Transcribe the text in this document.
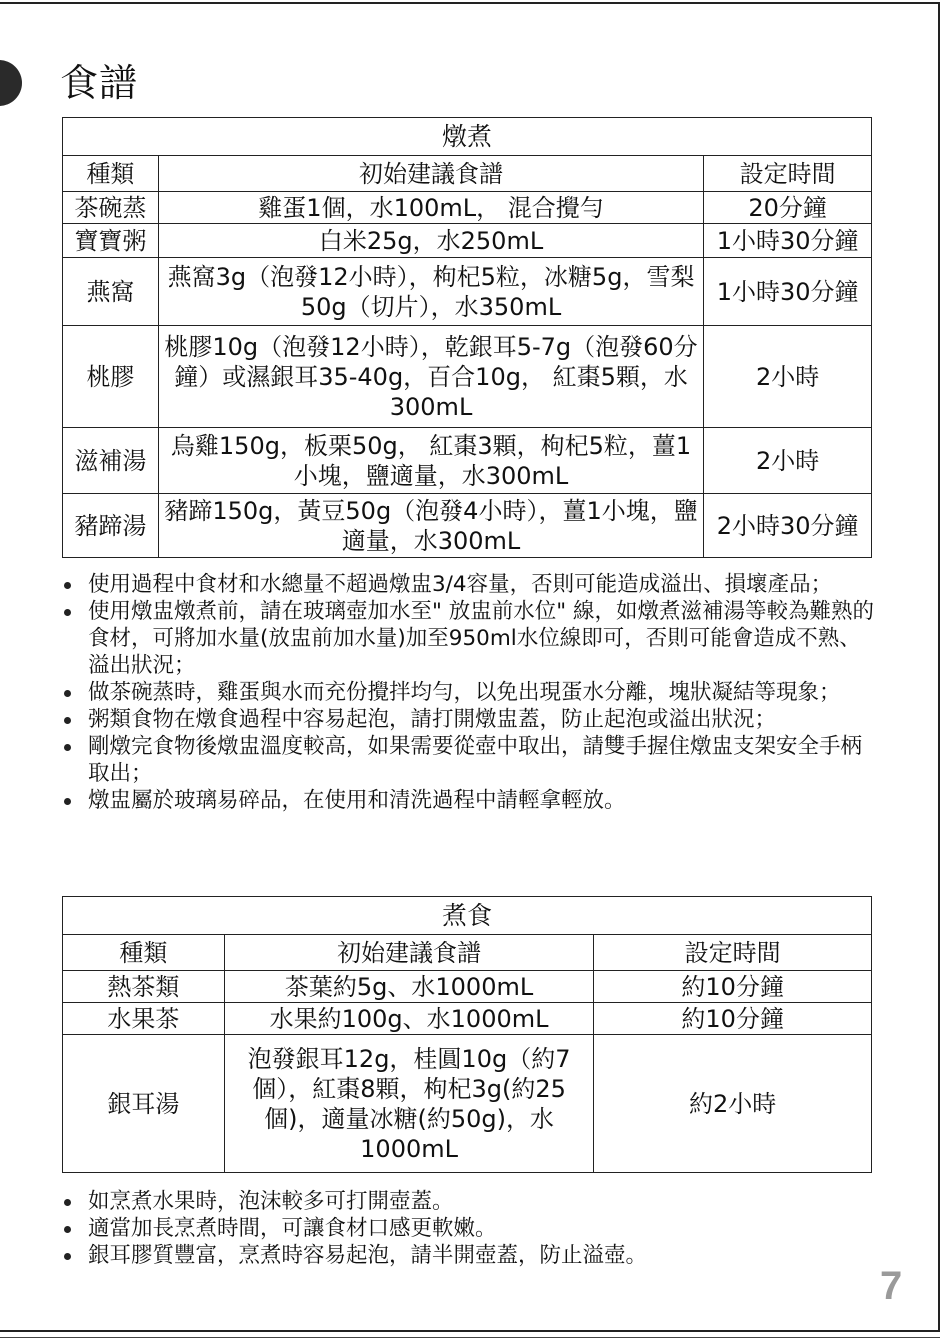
食譜
燉煮		
種類	初始建議食譜	設定時間
茶碗蒸	雞蛋1個，水100mL， 混合攪勻	20分鐘
寶寶粥	白米25g，水250mL	1小時30分鐘
燕窩	燕窩3g（泡發12小時），枸杞5粒，冰糖5g，雪梨50g（切片），水350mL	1小時30分鐘
桃膠	桃膠10g（泡發12小時），乾銀耳5-7g（泡發60分鐘）或濕銀耳35-40g，百合10g， 紅棗5顆，水300mL	2小時
滋補湯	烏雞150g，板栗50g， 紅棗3顆，枸杞5粒，薑1小塊，鹽適量，水300mL	2小時
豬蹄湯	豬蹄150g，黃豆50g（泡發4小時），薑1小塊，鹽適量，水300mL	2小時30分鐘
使用過程中食材和水總量不超過燉盅3/4容量，否則可能造成溢出、損壞產品；
使用燉盅燉煮前，請在玻璃壺加水至" 放盅前水位" 線，如燉煮滋補湯等較為難熟的食材，可將加水量(放盅前加水量)加至950ml水位線即可，否則可能會造成不熟、溢出狀況；
做茶碗蒸時，雞蛋與水而充份攪拌均勻，以免出現蛋水分離，塊狀凝結等現象；
粥類食物在燉食過程中容易起泡，請打開燉盅蓋，防止起泡或溢出狀況；
剛燉完食物後燉盅溫度較高，如果需要從壺中取出，請雙手握住燉盅支架安全手柄取出；
燉盅屬於玻璃易碎品，在使用和清洗過程中請輕拿輕放。
煮食		
種類	初始建議食譜	設定時間
熱茶類	茶葉約5g、水1000mL	約10分鐘
水果茶	水果約100g、水1000mL	約10分鐘
銀耳湯	泡發銀耳12g，桂圓10g（約7個），紅棗8顆，枸杞3g(約25個)，適量冰糖(約50g)，水1000mL	約2小時
如烹煮水果時，泡沫較多可打開壺蓋。
適當加長烹煮時間，可讓食材口感更軟嫩。
銀耳膠質豐富，烹煮時容易起泡，請半開壺蓋，防止溢壺。
7
